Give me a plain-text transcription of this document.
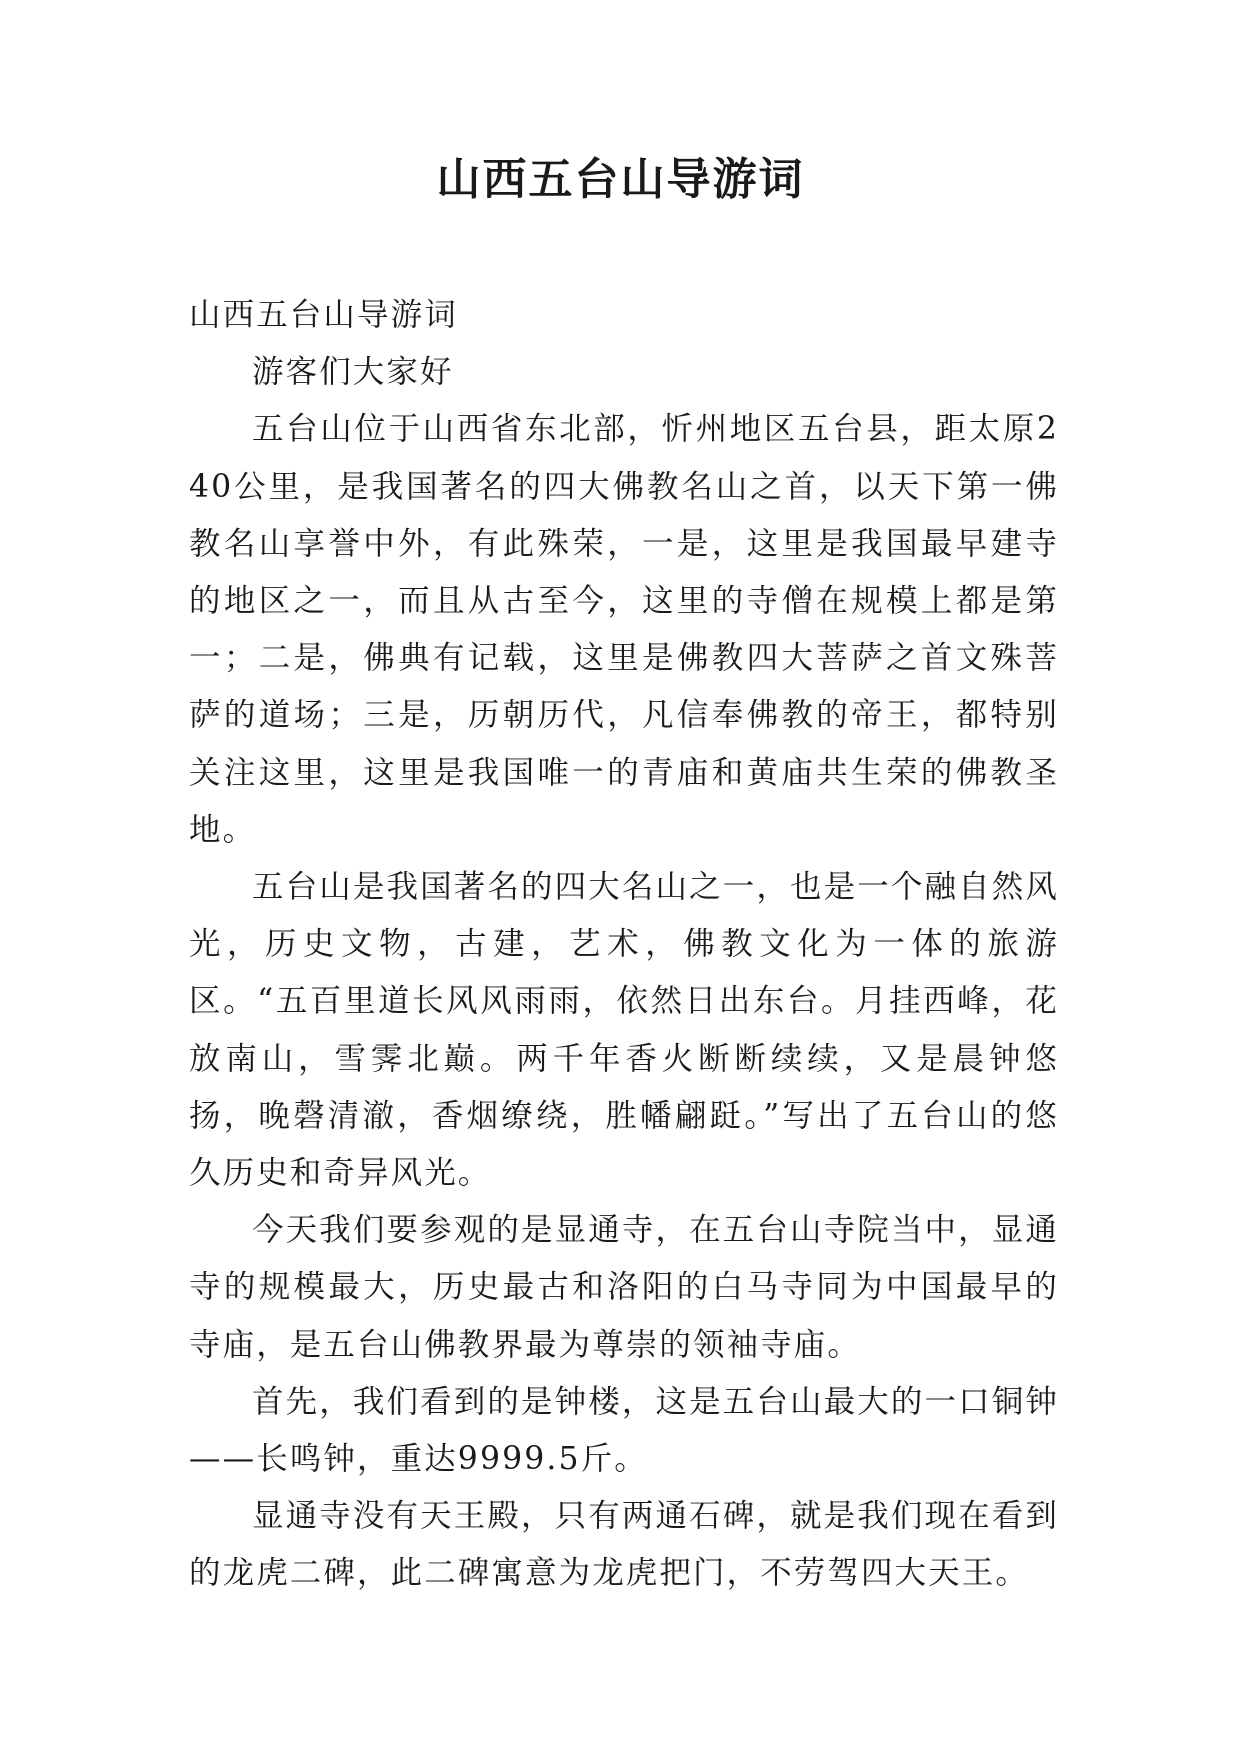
山西五台山导游词

山西五台山导游词

游客们大家好

五台山位于山西省东北部，忻州地区五台县，距太原240公里，是我国著名的四大佛教名山之首，以天下第一佛教名山享誉中外，有此殊荣，一是，这里是我国最早建寺的地区之一，而且从古至今，这里的寺僧在规模上都是第一；二是，佛典有记载，这里是佛教四大菩萨之首文殊菩萨的道场；三是，历朝历代，凡信奉佛教的帝王，都特别关注这里，这里是我国唯一的青庙和黄庙共生荣的佛教圣地。

五台山是我国著名的四大名山之一，也是一个融自然风光，历史文物，古建，艺术，佛教文化为一体的旅游区。“五百里道长风风雨雨，依然日出东台。月挂西峰，花放南山，雪霁北巅。两千年香火断断续续，又是晨钟悠扬，晚磬清澈，香烟缭绕，胜幡翩跹。”写出了五台山的悠久历史和奇异风光。

今天我们要参观的是显通寺，在五台山寺院当中，显通寺的规模最大，历史最古和洛阳的白马寺同为中国最早的寺庙，是五台山佛教界最为尊崇的领袖寺庙。

首先，我们看到的是钟楼，这是五台山最大的一口铜钟——长鸣钟，重达9999.5斤。

显通寺没有天王殿，只有两通石碑，就是我们现在看到的龙虎二碑，此二碑寓意为龙虎把门，不劳驾四大天王。
